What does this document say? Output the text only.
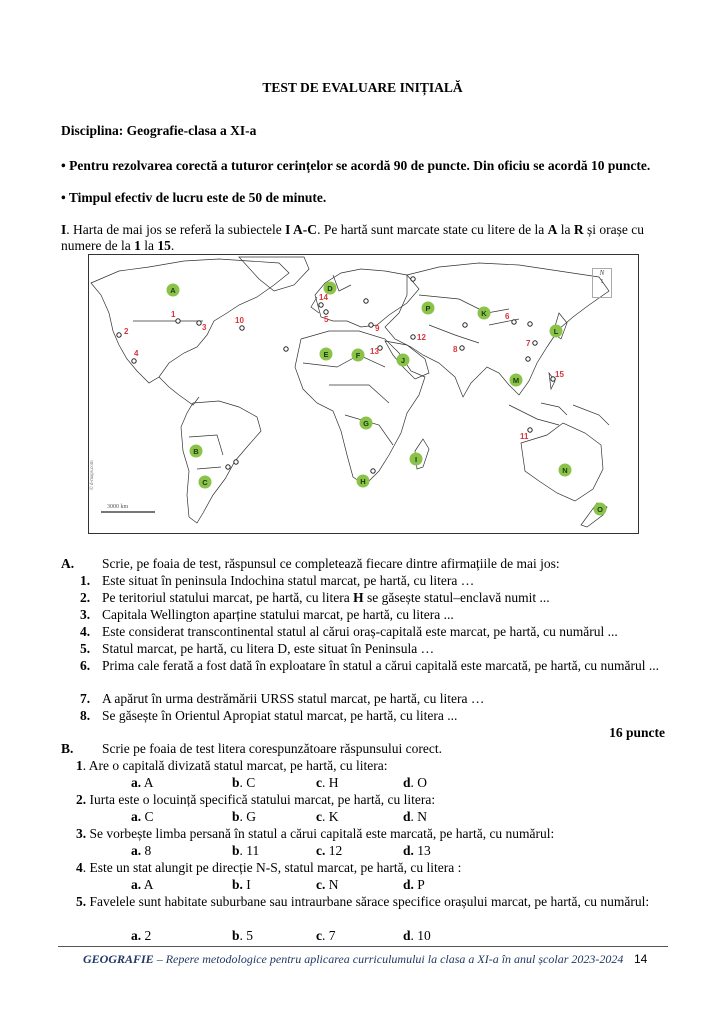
TEST DE EVALUARE INIȚIALĂ
Disciplina: Geografie-clasa a XI-a
• Pentru rezolvarea corectă a tuturor cerințelor se acordă 90 de puncte. Din oficiu se acordă 10 puncte.
• Timpul efectiv de lucru este de 50 de minute.
I. Harta de mai jos se referă la subiectele I A-C. Pe hartă sunt marcate state cu litere de la A la R și orașe cu numere de la 1 la 15.
1
2	3
4
5	6
7
8
9
10
11
12
13
14
15
A
B
C
D
E	F
G
H
I
J
K
L
M
N
O
P
N
↕
3000 km
© d-maps.com
A. Scrie, pe foaia de test, răspunsul ce completează fiecare dintre afirmațiile de mai jos:
1. Este situat în peninsula Indochina statul marcat, pe hartă, cu litera …
2. Pe teritoriul statului marcat, pe hartă, cu litera H se găsește statul–enclavă numit ...
3. Capitala Wellington aparține statului marcat, pe hartă, cu litera ...
4. Este considerat transcontinental statul al cărui oraș-capitală este marcat, pe hartă, cu numărul ...
5. Statul marcat, pe hartă, cu litera D, este situat în Peninsula …
6. Prima cale ferată a fost dată în exploatare în statul a cărui capitală este marcată, pe hartă, cu numărul ...
7. A apărut în urma destrămării URSS statul marcat, pe hartă, cu litera …
8. Se găsește în Orientul Apropiat statul marcat, pe hartă, cu litera ...
16 puncte
B. Scrie pe foaia de test litera corespunzătoare răspunsului corect.
1. Are o capitală divizată statul marcat, pe hartă, cu litera:
a. A	b. C	c. H	d. O
2. Iurta este o locuință specifică statului marcat, pe hartă, cu litera:
a. C	b. G	c. K	d. N
3. Se vorbește limba persană în statul a cărui capitală este marcată, pe hartă, cu numărul:
a. 8	b. 11	c. 12	d. 13
4. Este un stat alungit pe direcție N-S, statul marcat, pe hartă, cu litera :
a. A	b. I	c. N	d. P
5. Favelele sunt habitate suburbane sau intraurbane sărace specifice orașului marcat, pe hartă, cu numărul:
a. 2	b. 5	c. 7	d. 10
GEOGRAFIE – Repere metodologice pentru aplicarea curriculumului la clasa a XI-a în anul școlar 2023-2024 14
